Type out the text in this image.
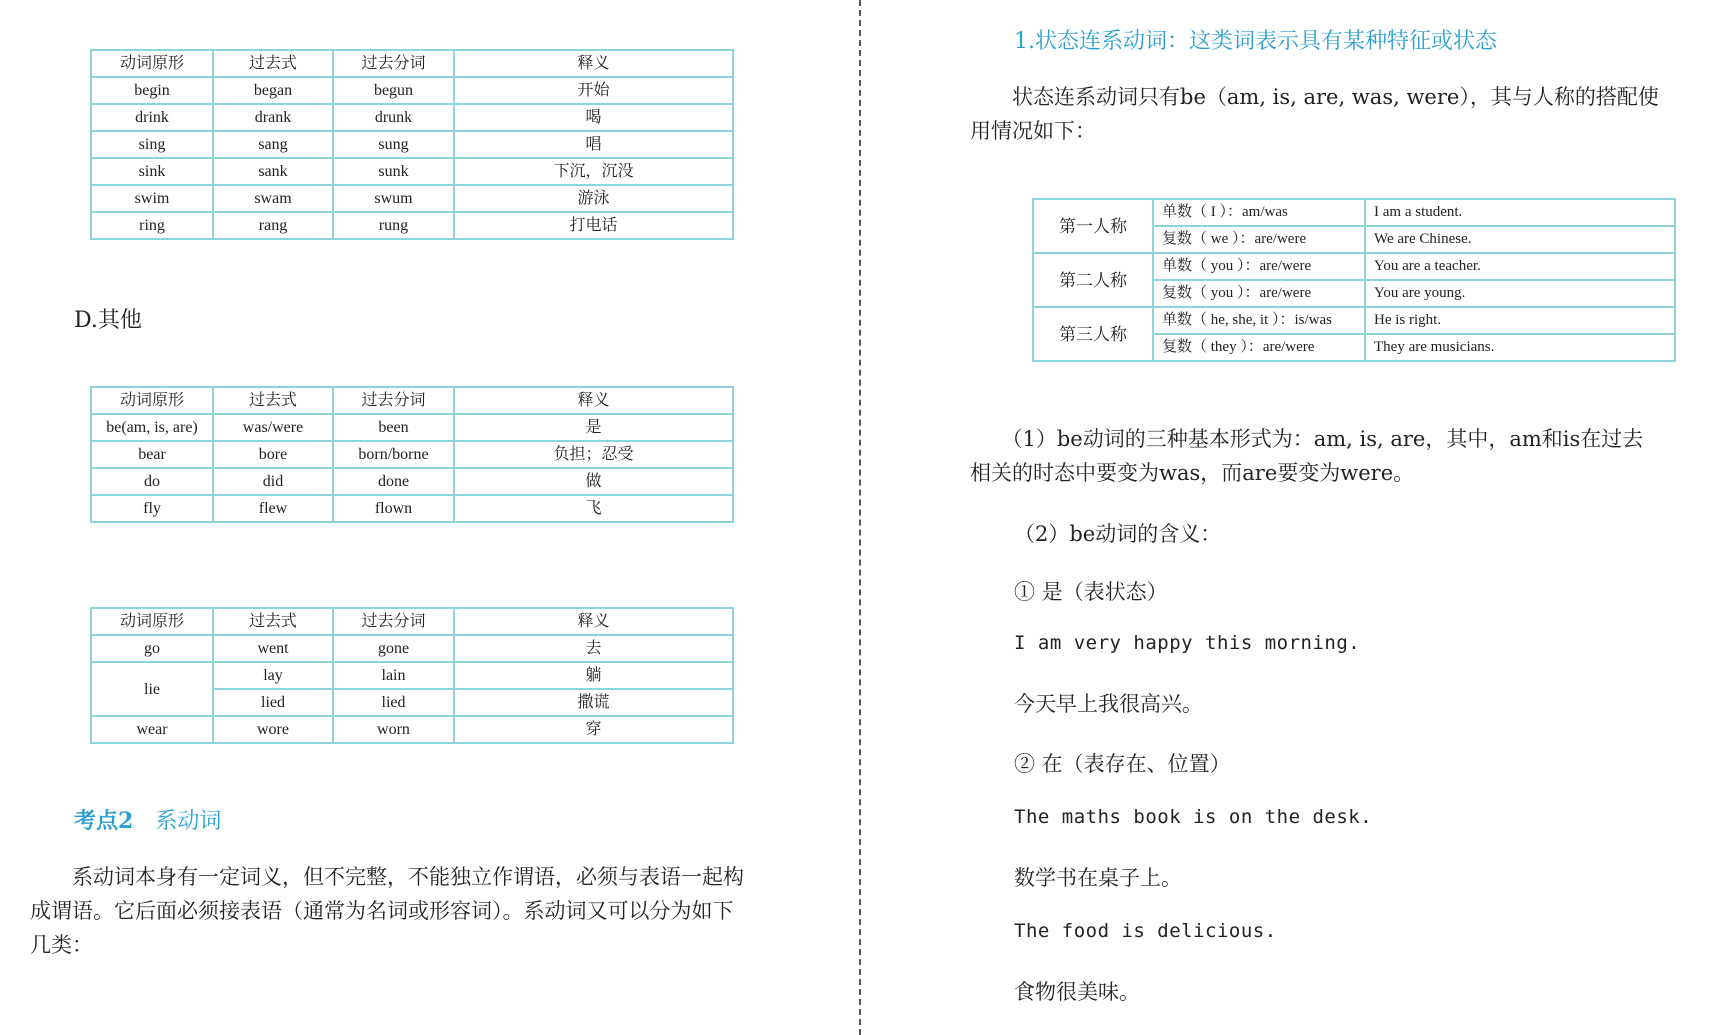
动词原形	过去式	过去分词	释义
begin	began	begun	开始
drink	drank	drunk	喝
sing	sang	sung	唱
sink	sank	sunk	下沉，沉没
swim	swam	swum	游泳
ring	rang	rung	打电话
D.其他
动词原形	过去式	过去分词	释义
be(am, is, are)	was/were	been	是
bear	bore	born/borne	负担；忍受
do	did	done	做
fly	flew	flown	飞
动词原形	过去式	过去分词	释义
go	went	gone	去
lie	lay	lain	躺
	lied	lied	撒谎
wear	wore	worn	穿
考点2　 系动词
　　系动词本身有一定词义，但不完整，不能独立作谓语，必须与表语一起构成谓语。它后面必须接表语（通常为名词或形容词）。系动词又可以分为如下几类：
1.状态连系动词：这类词表示具有某种特征或状态
　　状态连系动词只有be（am, is, are, was, were），其与人称的搭配使用情况如下：
第一人称	单数（ I ）：am/was	I am a student.
	复数（ we ）：are/were	We are Chinese.
第二人称	单数（ you ）：are/were	You are a teacher.
	复数（ you ）：are/were	You are young.
第三人称	单数（ he, she, it ）：is/was	He is right.
	复数（ they ）：are/were	They are musicians.
　　（1）be动词的三种基本形式为：am, is, are，其中，am和is在过去相关的时态中要变为was，而are要变为were。
（2）be动词的含义：
① 是（表状态）
I am very happy this morning.
今天早上我很高兴。
② 在（表存在、位置）
The maths book is on the desk.
数学书在桌子上。
The food is delicious.
食物很美味。
